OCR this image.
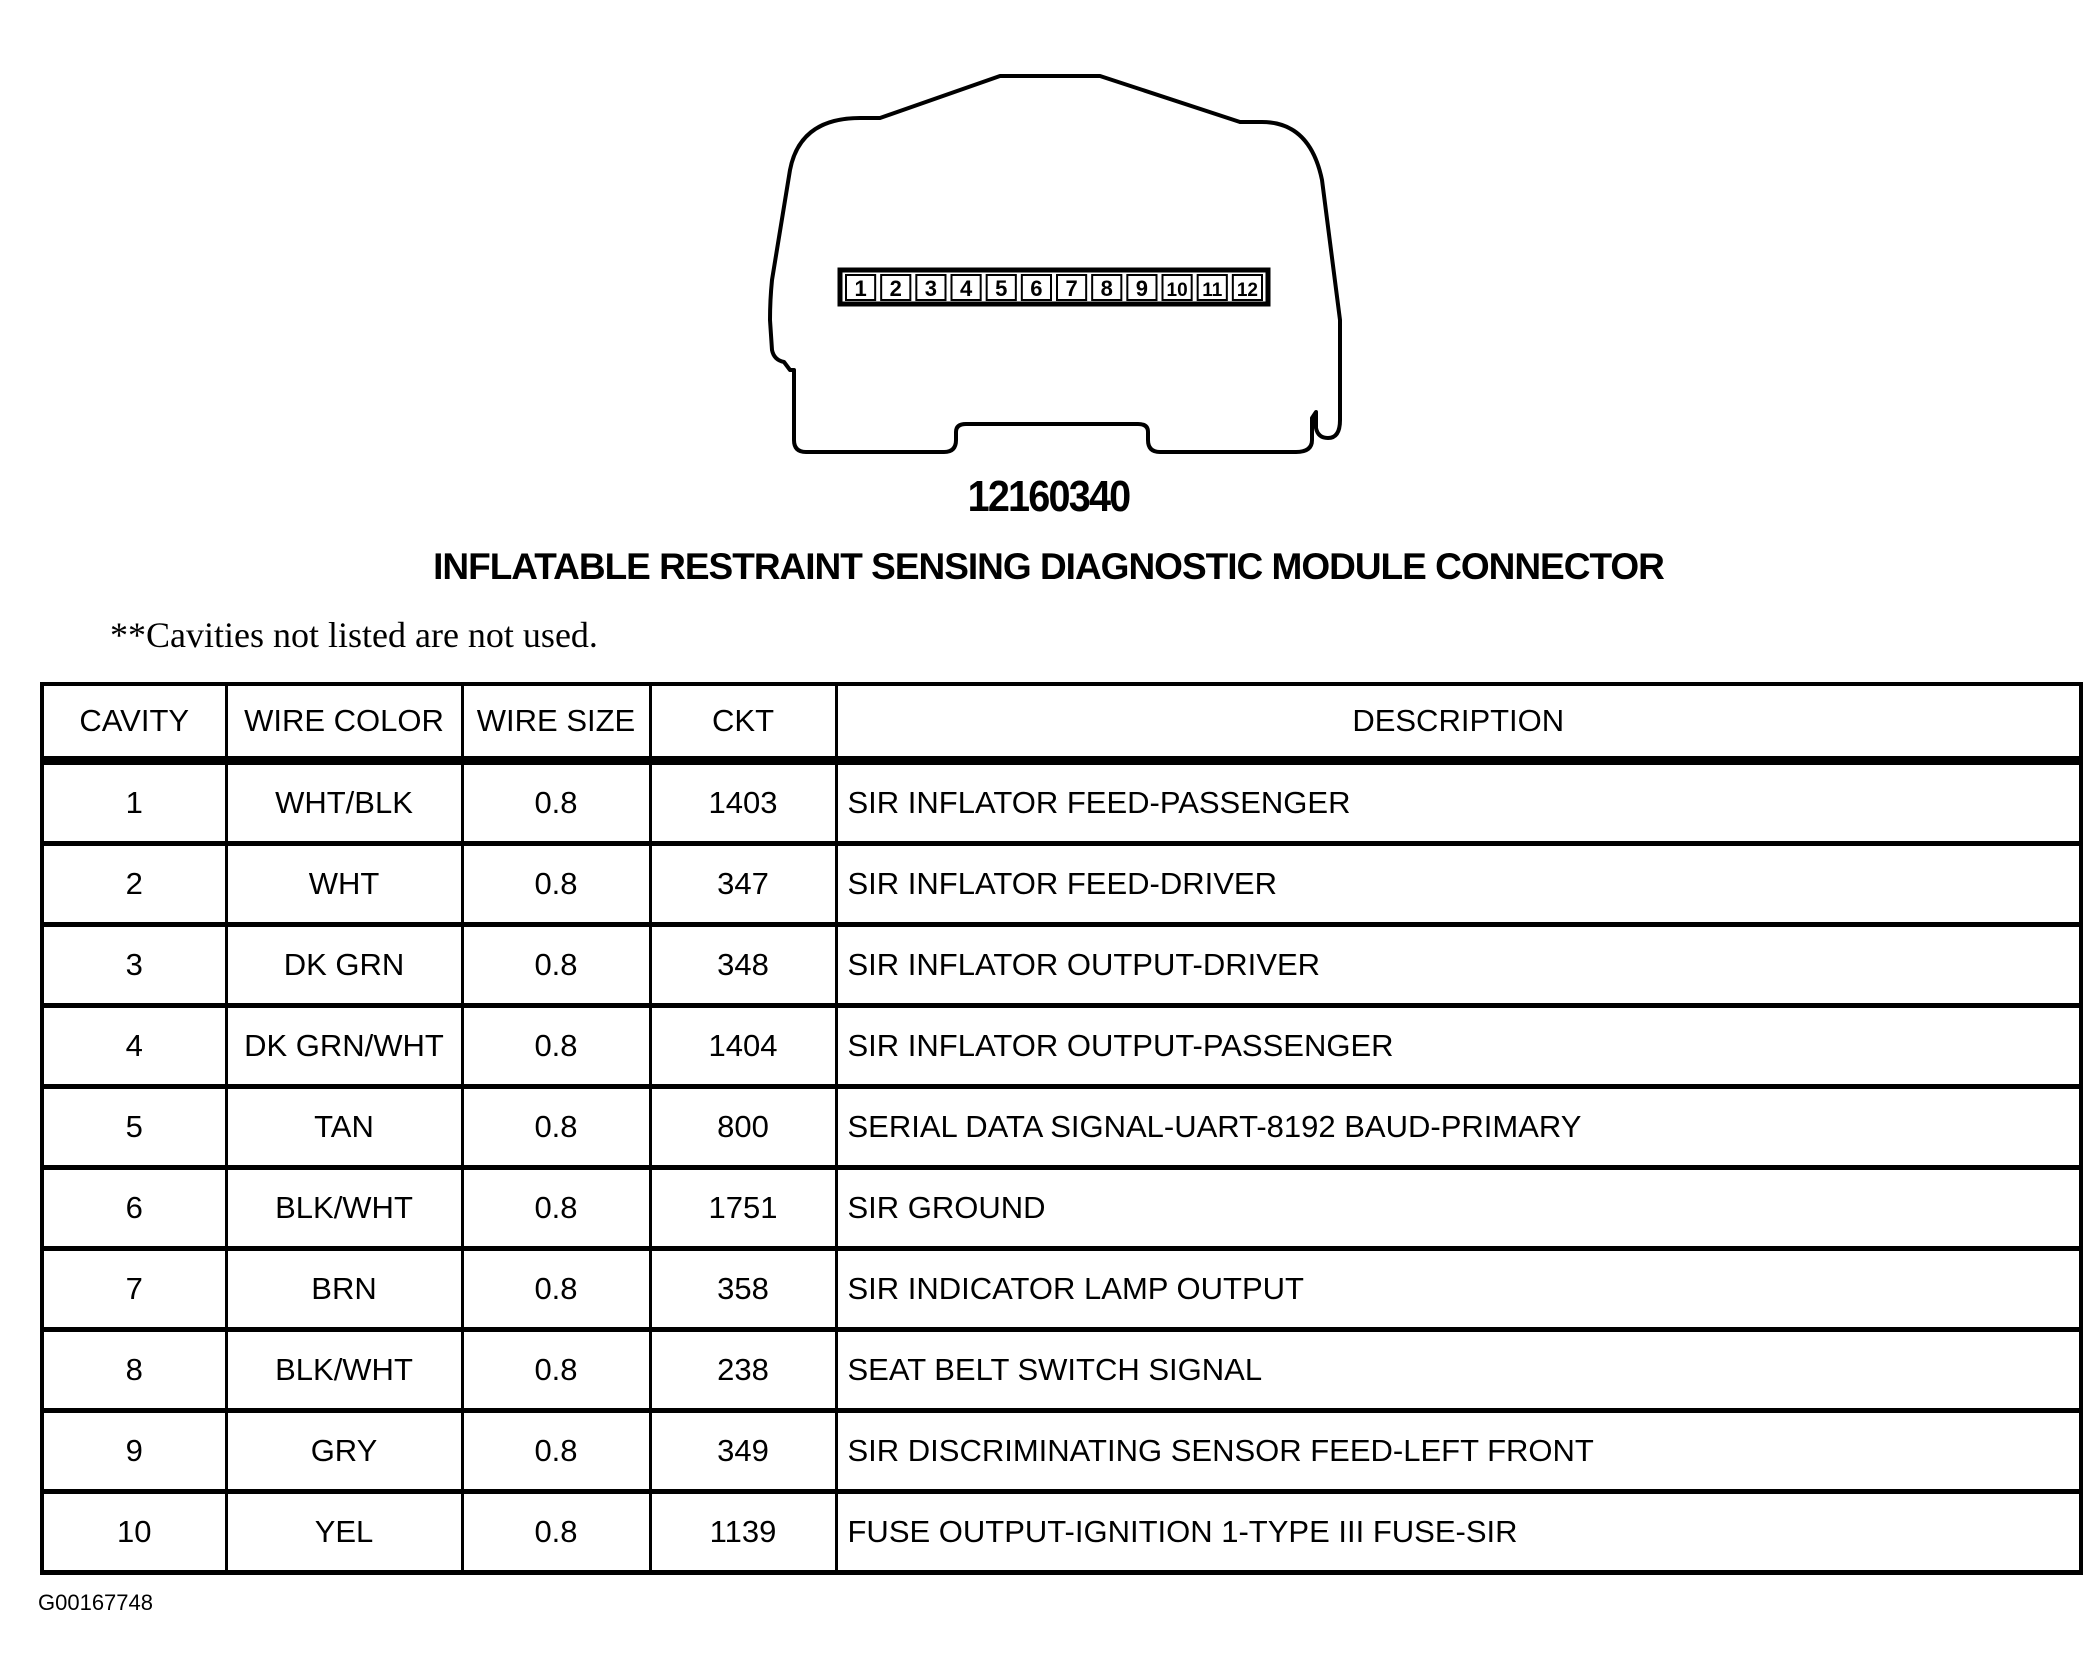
1 2 3 4 5 6 7 8 9 10 11 12
12160340
INFLATABLE RESTRAINT SENSING DIAGNOSTIC MODULE CONNECTOR
**Cavities not listed are not used.
CAVITY	WIRE COLOR	WIRE SIZE	CKT	DESCRIPTION
1	WHT/BLK	0.8	1403	SIR INFLATOR FEED-PASSENGER
2	WHT	0.8	347	SIR INFLATOR FEED-DRIVER
3	DK GRN	0.8	348	SIR INFLATOR OUTPUT-DRIVER
4	DK GRN/WHT	0.8	1404	SIR INFLATOR OUTPUT-PASSENGER
5	TAN	0.8	800	SERIAL DATA SIGNAL-UART-8192 BAUD-PRIMARY
6	BLK/WHT	0.8	1751	SIR GROUND
7	BRN	0.8	358	SIR INDICATOR LAMP OUTPUT
8	BLK/WHT	0.8	238	SEAT BELT SWITCH SIGNAL
9	GRY	0.8	349	SIR DISCRIMINATING SENSOR FEED-LEFT FRONT
10	YEL	0.8	1139	FUSE OUTPUT-IGNITION 1-TYPE III FUSE-SIR
G00167748
